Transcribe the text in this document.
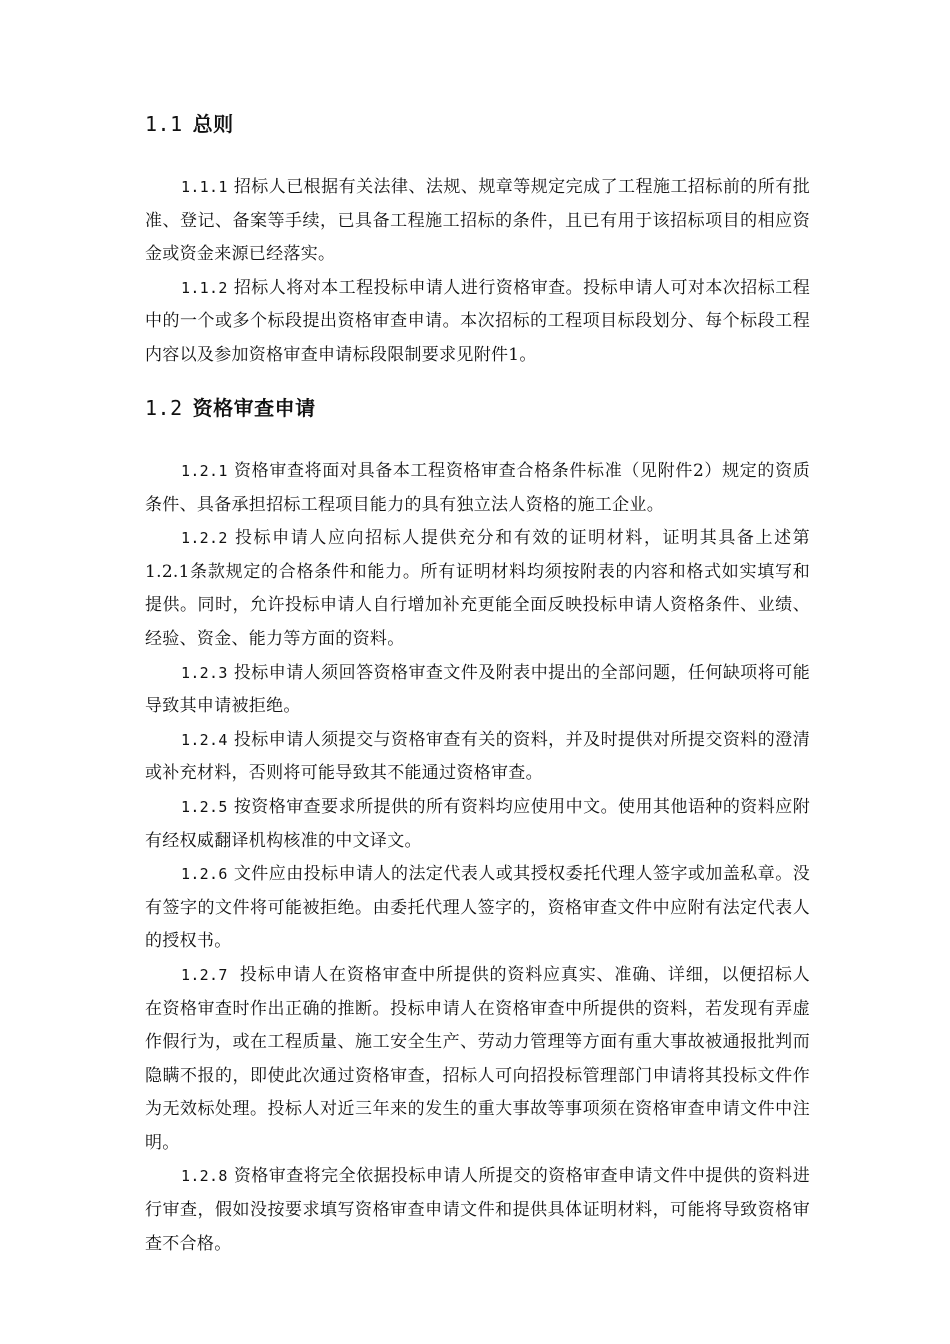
1.1 总则

1.1.1 招标人已根据有关法律、法规、规章等规定完成了工程施工招标前的所有批准、登记、备案等手续，已具备工程施工招标的条件，且已有用于该招标项目的相应资金或资金来源已经落实。

1.1.2 招标人将对本工程投标申请人进行资格审查。投标申请人可对本次招标工程中的一个或多个标段提出资格审查申请。本次招标的工程项目标段划分、每个标段工程内容以及参加资格审查申请标段限制要求见附件1。

1.2 资格审查申请

1.2.1 资格审查将面对具备本工程资格审查合格条件标准（见附件2）规定的资质条件、具备承担招标工程项目能力的具有独立法人资格的施工企业。

1.2.2 投标申请人应向招标人提供充分和有效的证明材料，证明其具备上述第1.2.1条款规定的合格条件和能力。所有证明材料均须按附表的内容和格式如实填写和提供。同时，允许投标申请人自行增加补充更能全面反映投标申请人资格条件、业绩、经验、资金、能力等方面的资料。

1.2.3 投标申请人须回答资格审查文件及附表中提出的全部问题，任何缺项将可能导致其申请被拒绝。

1.2.4 投标申请人须提交与资格审查有关的资料，并及时提供对所提交资料的澄清或补充材料，否则将可能导致其不能通过资格审查。

1.2.5 按资格审查要求所提供的所有资料均应使用中文。使用其他语种的资料应附有经权威翻译机构核准的中文译文。

1.2.6 文件应由投标申请人的法定代表人或其授权委托代理人签字或加盖私章。没有签字的文件将可能被拒绝。由委托代理人签字的，资格审查文件中应附有法定代表人的授权书。

1.2.7 投标申请人在资格审查中所提供的资料应真实、准确、详细，以便招标人在资格审查时作出正确的推断。投标申请人在资格审查中所提供的资料，若发现有弄虚作假行为，或在工程质量、施工安全生产、劳动力管理等方面有重大事故被通报批判而隐瞒不报的，即使此次通过资格审查，招标人可向招投标管理部门申请将其投标文件作为无效标处理。投标人对近三年来的发生的重大事故等事项须在资格审查申请文件中注明。

1.2.8 资格审查将完全依据投标申请人所提交的资格审查申请文件中提供的资料进行审查，假如没按要求填写资格审查申请文件和提供具体证明材料，可能将导致资格审查不合格。
